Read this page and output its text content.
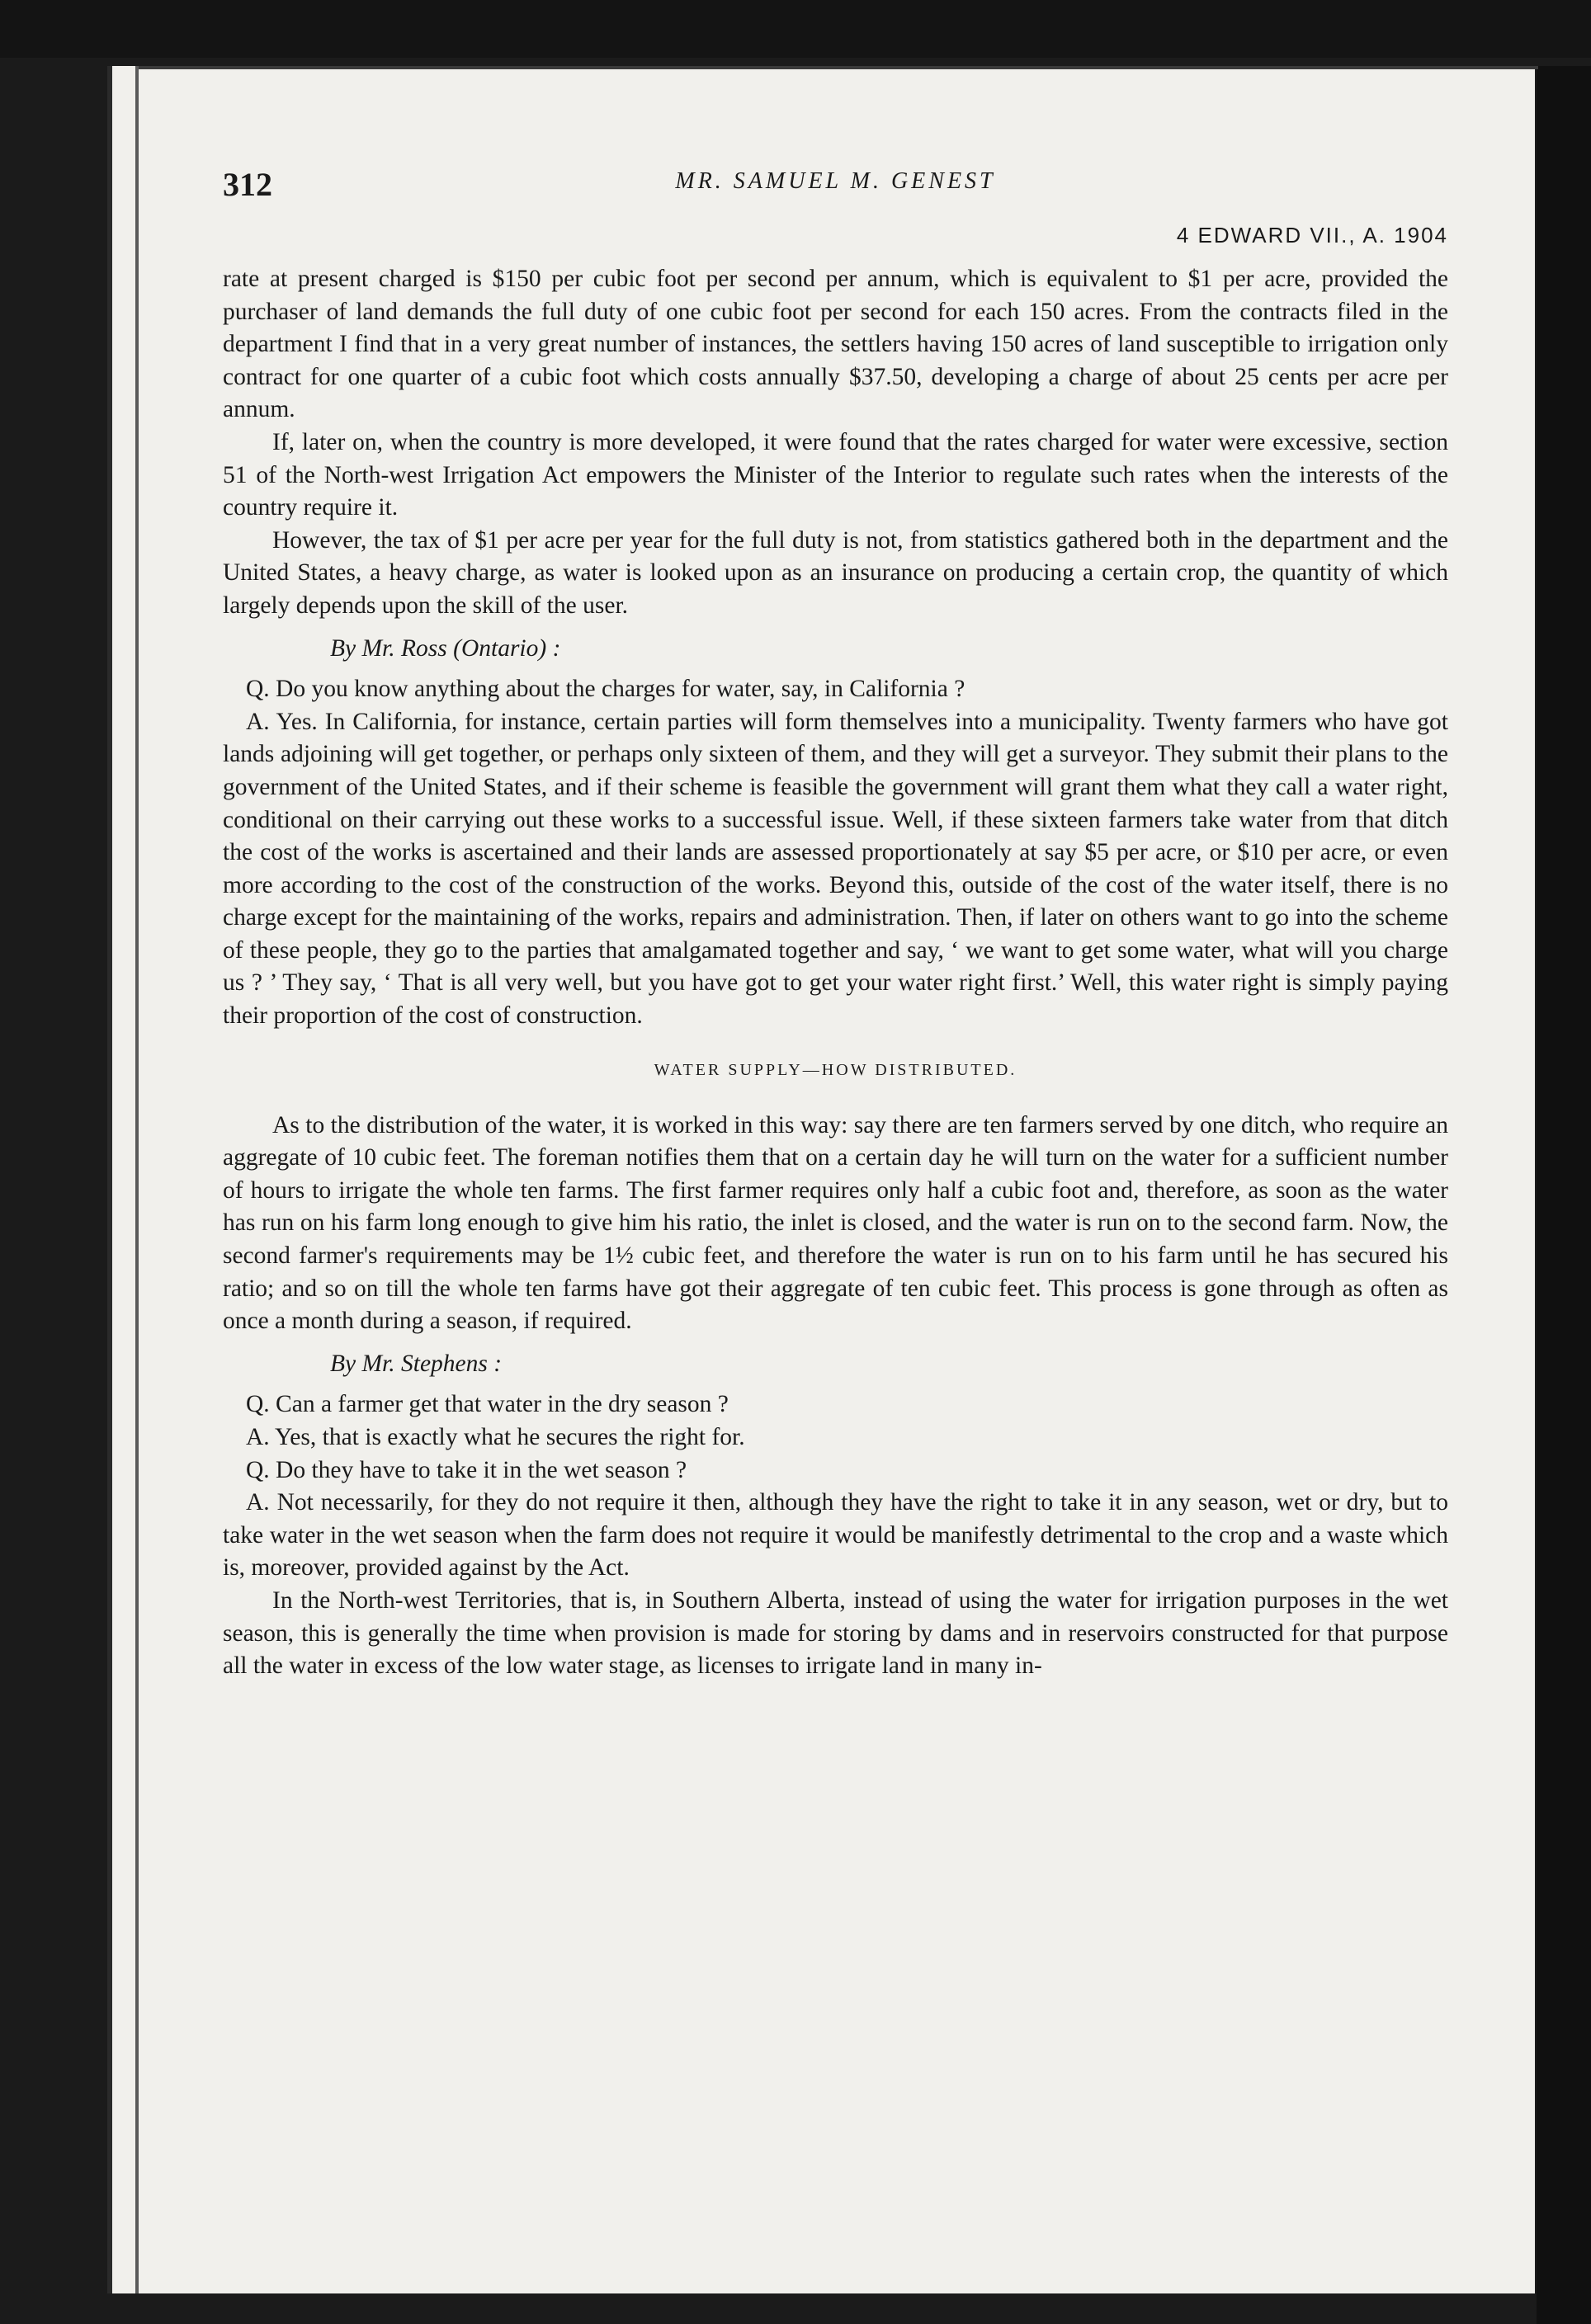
312	MR. SAMUEL M. GENEST
4 EDWARD VII., A. 1904

rate at present charged is $150 per cubic foot per second per annum, which is equivalent to $1 per acre, provided the purchaser of land demands the full duty of one cubic foot per second for each 150 acres. From the contracts filed in the department I find that in a very great number of instances, the settlers having 150 acres of land susceptible to irrigation only contract for one quarter of a cubic foot which costs annually $37.50, developing a charge of about 25 cents per acre per annum.

If, later on, when the country is more developed, it were found that the rates charged for water were excessive, section 51 of the North-west Irrigation Act empowers the Minister of the Interior to regulate such rates when the interests of the country require it.

However, the tax of $1 per acre per year for the full duty is not, from statistics gathered both in the department and the United States, a heavy charge, as water is looked upon as an insurance on producing a certain crop, the quantity of which largely depends upon the skill of the user.

By Mr. Ross (Ontario) :

Q. Do you know anything about the charges for water, say, in California ?

A. Yes. In California, for instance, certain parties will form themselves into a municipality. Twenty farmers who have got lands adjoining will get together, or perhaps only sixteen of them, and they will get a surveyor. They submit their plans to the government of the United States, and if their scheme is feasible the government will grant them what they call a water right, conditional on their carrying out these works to a successful issue. Well, if these sixteen farmers take water from that ditch the cost of the works is ascertained and their lands are assessed proportionately at say $5 per acre, or $10 per acre, or even more according to the cost of the construction of the works. Beyond this, outside of the cost of the water itself, there is no charge except for the maintaining of the works, repairs and administration. Then, if later on others want to go into the scheme of these people, they go to the parties that amalgamated together and say, ‘ we want to get some water, what will you charge us ? ’ They say, ‘ That is all very well, but you have got to get your water right first.’ Well, this water right is simply paying their proportion of the cost of construction.

WATER SUPPLY—HOW DISTRIBUTED.

As to the distribution of the water, it is worked in this way: say there are ten farmers served by one ditch, who require an aggregate of 10 cubic feet. The foreman notifies them that on a certain day he will turn on the water for a sufficient number of hours to irrigate the whole ten farms. The first farmer requires only half a cubic foot and, therefore, as soon as the water has run on his farm long enough to give him his ratio, the inlet is closed, and the water is run on to the second farm. Now, the second farmer's requirements may be 1½ cubic feet, and therefore the water is run on to his farm until he has secured his ratio; and so on till the whole ten farms have got their aggregate of ten cubic feet. This process is gone through as often as once a month during a season, if required.

By Mr. Stephens :

Q. Can a farmer get that water in the dry season ?

A. Yes, that is exactly what he secures the right for.

Q. Do they have to take it in the wet season ?

A. Not necessarily, for they do not require it then, although they have the right to take it in any season, wet or dry, but to take water in the wet season when the farm does not require it would be manifestly detrimental to the crop and a waste which is, moreover, provided against by the Act.

In the North-west Territories, that is, in Southern Alberta, instead of using the water for irrigation purposes in the wet season, this is generally the time when provision is made for storing by dams and in reservoirs constructed for that purpose all the water in excess of the low water stage, as licenses to irrigate land in many in-
